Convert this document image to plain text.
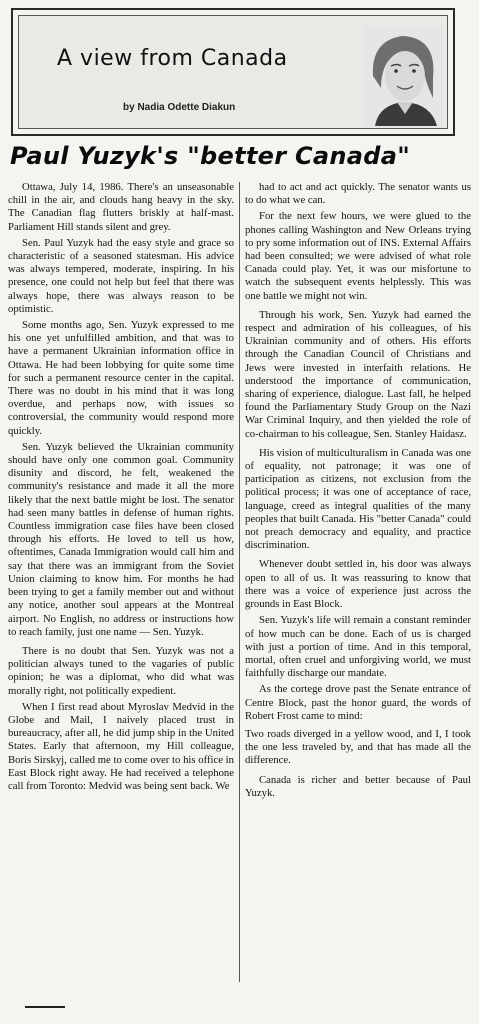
A view from Canada
by Nadia Odette Diakun
Paul Yuzyk's "better Canada"

Ottawa, July 14, 1986. There's an unseasonable chill in the air, and clouds hang heavy in the sky. The Canadian flag flutters briskly at half-mast. Parliament Hill stands silent and grey.

Sen. Paul Yuzyk had the easy style and grace so characteristic of a seasoned statesman. His advice was always tempered, moderate, inspiring. In his presence, one could not help but feel that there was always hope, there was always reason to be optimistic.

Some months ago, Sen. Yuzyk expressed to me his one yet unfulfilled ambition, and that was to have a permanent Ukrainian information office in Ottawa. He had been lobbying for quite some time for such a permanent resource center in the capital. There was no doubt in his mind that it was long overdue, and perhaps now, with issues so controversial, the community would respond more quickly.

Sen. Yuzyk believed the Ukrainian community should have only one common goal. Community disunity and discord, he felt, weakened the community's resistance and made it all the more likely that the next battle might be lost. The senator had seen many battles in defense of human rights. Countless immigration case files have been closed through his efforts. He loved to tell us how, oftentimes, Canada Immigration would call him and say that there was an immigrant from the Soviet Union claiming to know him. For months he had been trying to get a family member out and without any notice, another soul appears at the Montreal airport. No English, no address or instructions how to reach family, just one name — Sen. Yuzyk.

There is no doubt that Sen. Yuzyk was not a politician always tuned to the vagaries of public opinion; he was a diplomat, who did what was morally right, not politically expedient.

When I first read about Myroslav Medvid in the Globe and Mail, I naively placed trust in bureaucracy, after all, he did jump ship in the United States. Early that afternoon, my Hill colleague, Boris Sirskyj, called me to come over to his office in East Block right away. He had received a telephone call from Toronto: Medvid was being sent back. We

had to act and act quickly. The senator wants us to do what we can.

For the next few hours, we were glued to the phones calling Washington and New Orleans trying to pry some information out of INS. External Affairs had been consulted; we were advised of what role Canada could play. Yet, it was our misfortune to watch the subsequent events helplessly. This was one battle we might not win.

Through his work, Sen. Yuzyk had earned the respect and admiration of his colleagues, of his Ukrainian community and of others. His efforts through the Canadian Council of Christians and Jews were invested in interfaith relations. He understood the importance of communication, sharing of experience, dialogue. Last fall, he helped found the Parliamentary Study Group on the Nazi War Criminal Inquiry, and then yielded the role of co-chairman to his colleague, Sen. Stanley Haidasz.

His vision of multiculturalism in Canada was one of equality, not patronage; it was one of participation as citizens, not exclusion from the political process; it was one of acceptance of race, language, creed as integral qualities of the many peoples that built Canada. His "better Canada" could not preach democracy and equality, and practice discrimination.

Whenever doubt settled in, his door was always open to all of us. It was reassuring to know that there was a voice of experience just across the grounds in East Block.

Sen. Yuzyk's life will remain a constant reminder of how much can be done. Each of us is charged with just a portion of time. And in this temporal, mortal, often cruel and unforgiving world, we must faithfully discharge our mandate.

As the cortege drove past the Senate entrance of Centre Block, past the honor guard, the words of Robert Frost came to mind:

Two roads diverged in a yellow wood, and I, I took the one less traveled by, and that has made all the difference.

Canada is richer and better because of Paul Yuzyk.
